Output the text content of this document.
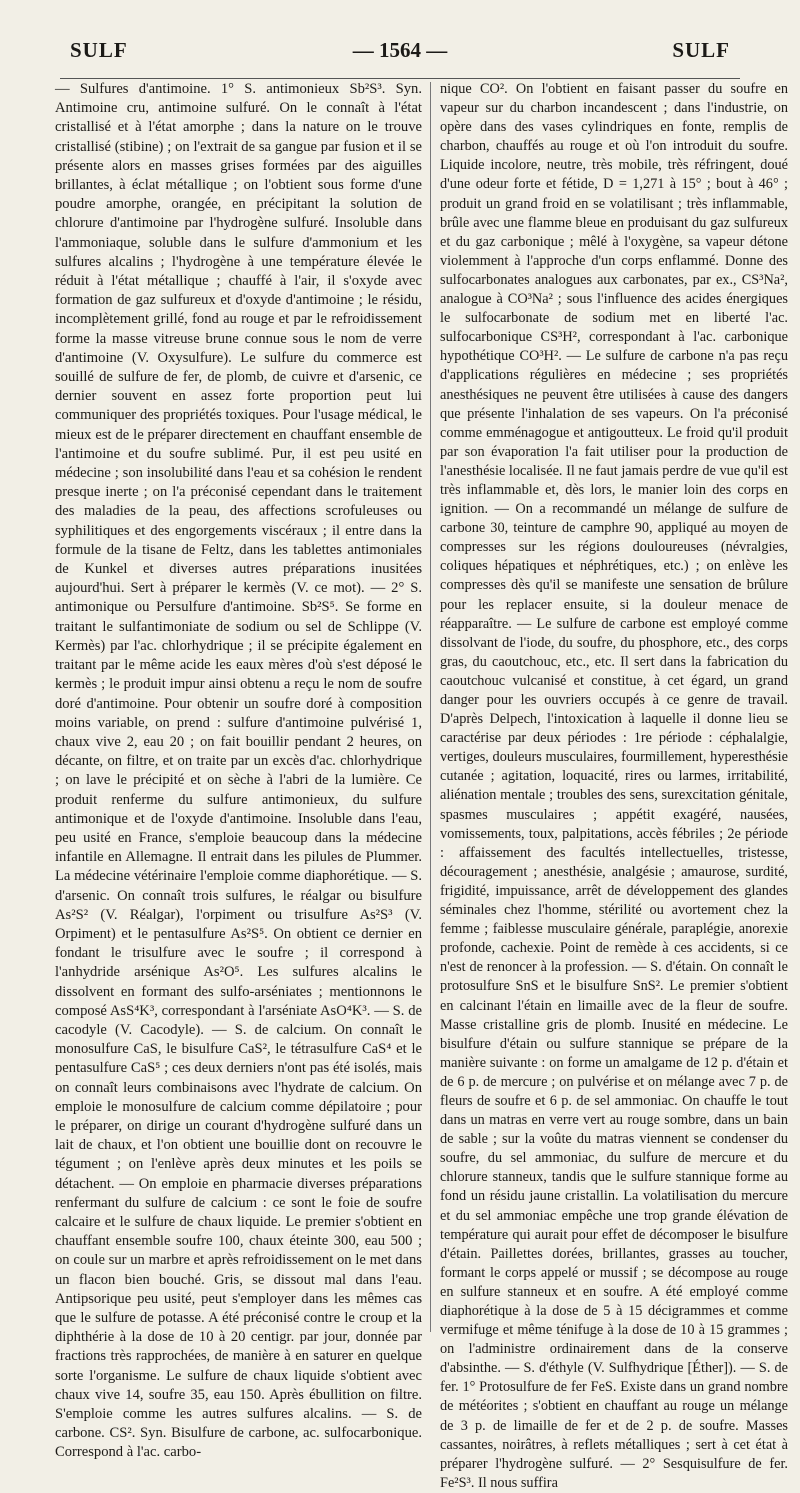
SULF	— 1564 —	SULF

— Sulfures d'antimoine. 1° S. antimonieux Sb²S³. Syn. Antimoine cru, antimoine sulfuré. On le connaît à l'état cristallisé et à l'état amorphe ; dans la nature on le trouve cristallisé (stibine) ; on l'extrait de sa gangue par fusion et il se présente alors en masses grises formées par des aiguilles brillantes, à éclat métallique ; on l'obtient sous forme d'une poudre amorphe, orangée, en précipitant la solution de chlorure d'antimoine par l'hydrogène sulfuré. Insoluble dans l'ammoniaque, soluble dans le sulfure d'ammonium et les sulfures alcalins ; l'hydrogène à une température élevée le réduit à l'état métallique ; chauffé à l'air, il s'oxyde avec formation de gaz sulfureux et d'oxyde d'antimoine ; le résidu, incomplètement grillé, fond au rouge et par le refroidissement forme la masse vitreuse brune connue sous le nom de verre d'antimoine (V. Oxysulfure). Le sulfure du commerce est souillé de sulfure de fer, de plomb, de cuivre et d'arsenic, ce dernier souvent en assez forte proportion peut lui communiquer des propriétés toxiques. Pour l'usage médical, le mieux est de le préparer directement en chauffant ensemble de l'antimoine et du soufre sublimé. Pur, il est peu usité en médecine ; son insolubilité dans l'eau et sa cohésion le rendent presque inerte ; on l'a préconisé cependant dans le traitement des maladies de la peau, des affections scrofuleuses ou syphilitiques et des engorgements viscéraux ; il entre dans la formule de la tisane de Feltz, dans les tablettes antimoniales de Kunkel et diverses autres préparations inusitées aujourd'hui. Sert à préparer le kermès (V. ce mot). — 2° S. antimonique ou Persulfure d'antimoine. Sb²S⁵. Se forme en traitant le sulfantimoniate de sodium ou sel de Schlippe (V. Kermès) par l'ac. chlorhydrique ; il se précipite également en traitant par le même acide les eaux mères d'où s'est déposé le kermès ; le produit impur ainsi obtenu a reçu le nom de soufre doré d'antimoine. Pour obtenir un soufre doré à composition moins variable, on prend : sulfure d'antimoine pulvérisé 1, chaux vive 2, eau 20 ; on fait bouillir pendant 2 heures, on décante, on filtre, et on traite par un excès d'ac. chlorhydrique ; on lave le précipité et on sèche à l'abri de la lumière. Ce produit renferme du sulfure antimonieux, du sulfure antimonique et de l'oxyde d'antimoine. Insoluble dans l'eau, peu usité en France, s'emploie beaucoup dans la médecine infantile en Allemagne. Il entrait dans les pilules de Plummer. La médecine vétérinaire l'emploie comme diaphorétique. — S. d'arsenic. On connaît trois sulfures, le réalgar ou bisulfure As²S² (V. Réalgar), l'orpiment ou trisulfure As²S³ (V. Orpiment) et le pentasulfure As²S⁵. On obtient ce dernier en fondant le trisulfure avec le soufre ; il correspond à l'anhydride arsénique As²O⁵. Les sulfures alcalins le dissolvent en formant des sulfo-arséniates ; mentionnons le composé AsS⁴K³, correspondant à l'arséniate AsO⁴K³. — S. de cacodyle (V. Cacodyle). — S. de calcium. On connaît le monosulfure CaS, le bisulfure CaS², le tétrasulfure CaS⁴ et le pentasulfure CaS⁵ ; ces deux derniers n'ont pas été isolés, mais on connaît leurs combinaisons avec l'hydrate de calcium. On emploie le monosulfure de calcium comme dépilatoire ; pour le préparer, on dirige un courant d'hydrogène sulfuré dans un lait de chaux, et l'on obtient une bouillie dont on recouvre le tégument ; on l'enlève après deux minutes et les poils se détachent. — On emploie en pharmacie diverses préparations renfermant du sulfure de calcium : ce sont le foie de soufre calcaire et le sulfure de chaux liquide. Le premier s'obtient en chauffant ensemble soufre 100, chaux éteinte 300, eau 500 ; on coule sur un marbre et après refroidissement on le met dans un flacon bien bouché. Gris, se dissout mal dans l'eau. Antipsorique peu usité, peut s'employer dans les mêmes cas que le sulfure de potasse. A été préconisé contre le croup et la diphthérie à la dose de 10 à 20 centigr. par jour, donnée par fractions très rapprochées, de manière à en saturer en quelque sorte l'organisme. Le sulfure de chaux liquide s'obtient avec chaux vive 14, soufre 35, eau 150. Après ébullition on filtre. S'emploie comme les autres sulfures alcalins. — S. de carbone. CS². Syn. Bisulfure de carbone, ac. sulfocarbonique. Correspond à l'ac. carbo-

nique CO². On l'obtient en faisant passer du soufre en vapeur sur du charbon incandescent ; dans l'industrie, on opère dans des vases cylindriques en fonte, remplis de charbon, chauffés au rouge et où l'on introduit du soufre. Liquide incolore, neutre, très mobile, très réfringent, doué d'une odeur forte et fétide, D = 1,271 à 15° ; bout à 46° ; produit un grand froid en se volatilisant ; très inflammable, brûle avec une flamme bleue en produisant du gaz sulfureux et du gaz carbonique ; mêlé à l'oxygène, sa vapeur détone violemment à l'approche d'un corps enflammé. Donne des sulfocarbonates analogues aux carbonates, par ex., CS³Na², analogue à CO³Na² ; sous l'influence des acides énergiques le sulfocarbonate de sodium met en liberté l'ac. sulfocarbonique CS³H², correspondant à l'ac. carbonique hypothétique CO³H². — Le sulfure de carbone n'a pas reçu d'applications régulières en médecine ; ses propriétés anesthésiques ne peuvent être utilisées à cause des dangers que présente l'inhalation de ses vapeurs. On l'a préconisé comme emménagogue et antigoutteux. Le froid qu'il produit par son évaporation l'a fait utiliser pour la production de l'anesthésie localisée. Il ne faut jamais perdre de vue qu'il est très inflammable et, dès lors, le manier loin des corps en ignition. — On a recommandé un mélange de sulfure de carbone 30, teinture de camphre 90, appliqué au moyen de compresses sur les régions douloureuses (névralgies, coliques hépatiques et néphrétiques, etc.) ; on enlève les compresses dès qu'il se manifeste une sensation de brûlure pour les replacer ensuite, si la douleur menace de réapparaître. — Le sulfure de carbone est employé comme dissolvant de l'iode, du soufre, du phosphore, etc., des corps gras, du caoutchouc, etc., etc. Il sert dans la fabrication du caoutchouc vulcanisé et constitue, à cet égard, un grand danger pour les ouvriers occupés à ce genre de travail. D'après Delpech, l'intoxication à laquelle il donne lieu se caractérise par deux périodes : 1re période : céphalalgie, vertiges, douleurs musculaires, fourmillement, hyperesthésie cutanée ; agitation, loquacité, rires ou larmes, irritabilité, aliénation mentale ; troubles des sens, surexcitation génitale, spasmes musculaires ; appétit exagéré, nausées, vomissements, toux, palpitations, accès fébriles ; 2e période : affaissement des facultés intellectuelles, tristesse, découragement ; anesthésie, analgésie ; amaurose, surdité, frigidité, impuissance, arrêt de développement des glandes séminales chez l'homme, stérilité ou avortement chez la femme ; faiblesse musculaire générale, paraplégie, anorexie profonde, cachexie. Point de remède à ces accidents, si ce n'est de renoncer à la profession. — S. d'étain. On connaît le protosulfure SnS et le bisulfure SnS². Le premier s'obtient en calcinant l'étain en limaille avec de la fleur de soufre. Masse cristalline gris de plomb. Inusité en médecine. Le bisulfure d'étain ou sulfure stannique se prépare de la manière suivante : on forme un amalgame de 12 p. d'étain et de 6 p. de mercure ; on pulvérise et on mélange avec 7 p. de fleurs de soufre et 6 p. de sel ammoniac. On chauffe le tout dans un matras en verre vert au rouge sombre, dans un bain de sable ; sur la voûte du matras viennent se condenser du soufre, du sel ammoniac, du sulfure de mercure et du chlorure stanneux, tandis que le sulfure stannique forme au fond un résidu jaune cristallin. La volatilisation du mercure et du sel ammoniac empêche une trop grande élévation de température qui aurait pour effet de décomposer le bisulfure d'étain. Paillettes dorées, brillantes, grasses au toucher, formant le corps appelé or mussif ; se décompose au rouge en sulfure stanneux et en soufre. A été employé comme diaphorétique à la dose de 5 à 15 décigrammes et comme vermifuge et même ténifuge à la dose de 10 à 15 grammes ; on l'administre ordinairement dans de la conserve d'absinthe. — S. d'éthyle (V. Sulfhydrique [Éther]). — S. de fer. 1° Protosulfure de fer FeS. Existe dans un grand nombre de météorites ; s'obtient en chauffant au rouge un mélange de 3 p. de limaille de fer et de 2 p. de soufre. Masses cassantes, noirâtres, à reflets métalliques ; sert à cet état à préparer l'hydrogène sulfuré. — 2° Sesquisulfure de fer. Fe²S³. Il nous suffira
